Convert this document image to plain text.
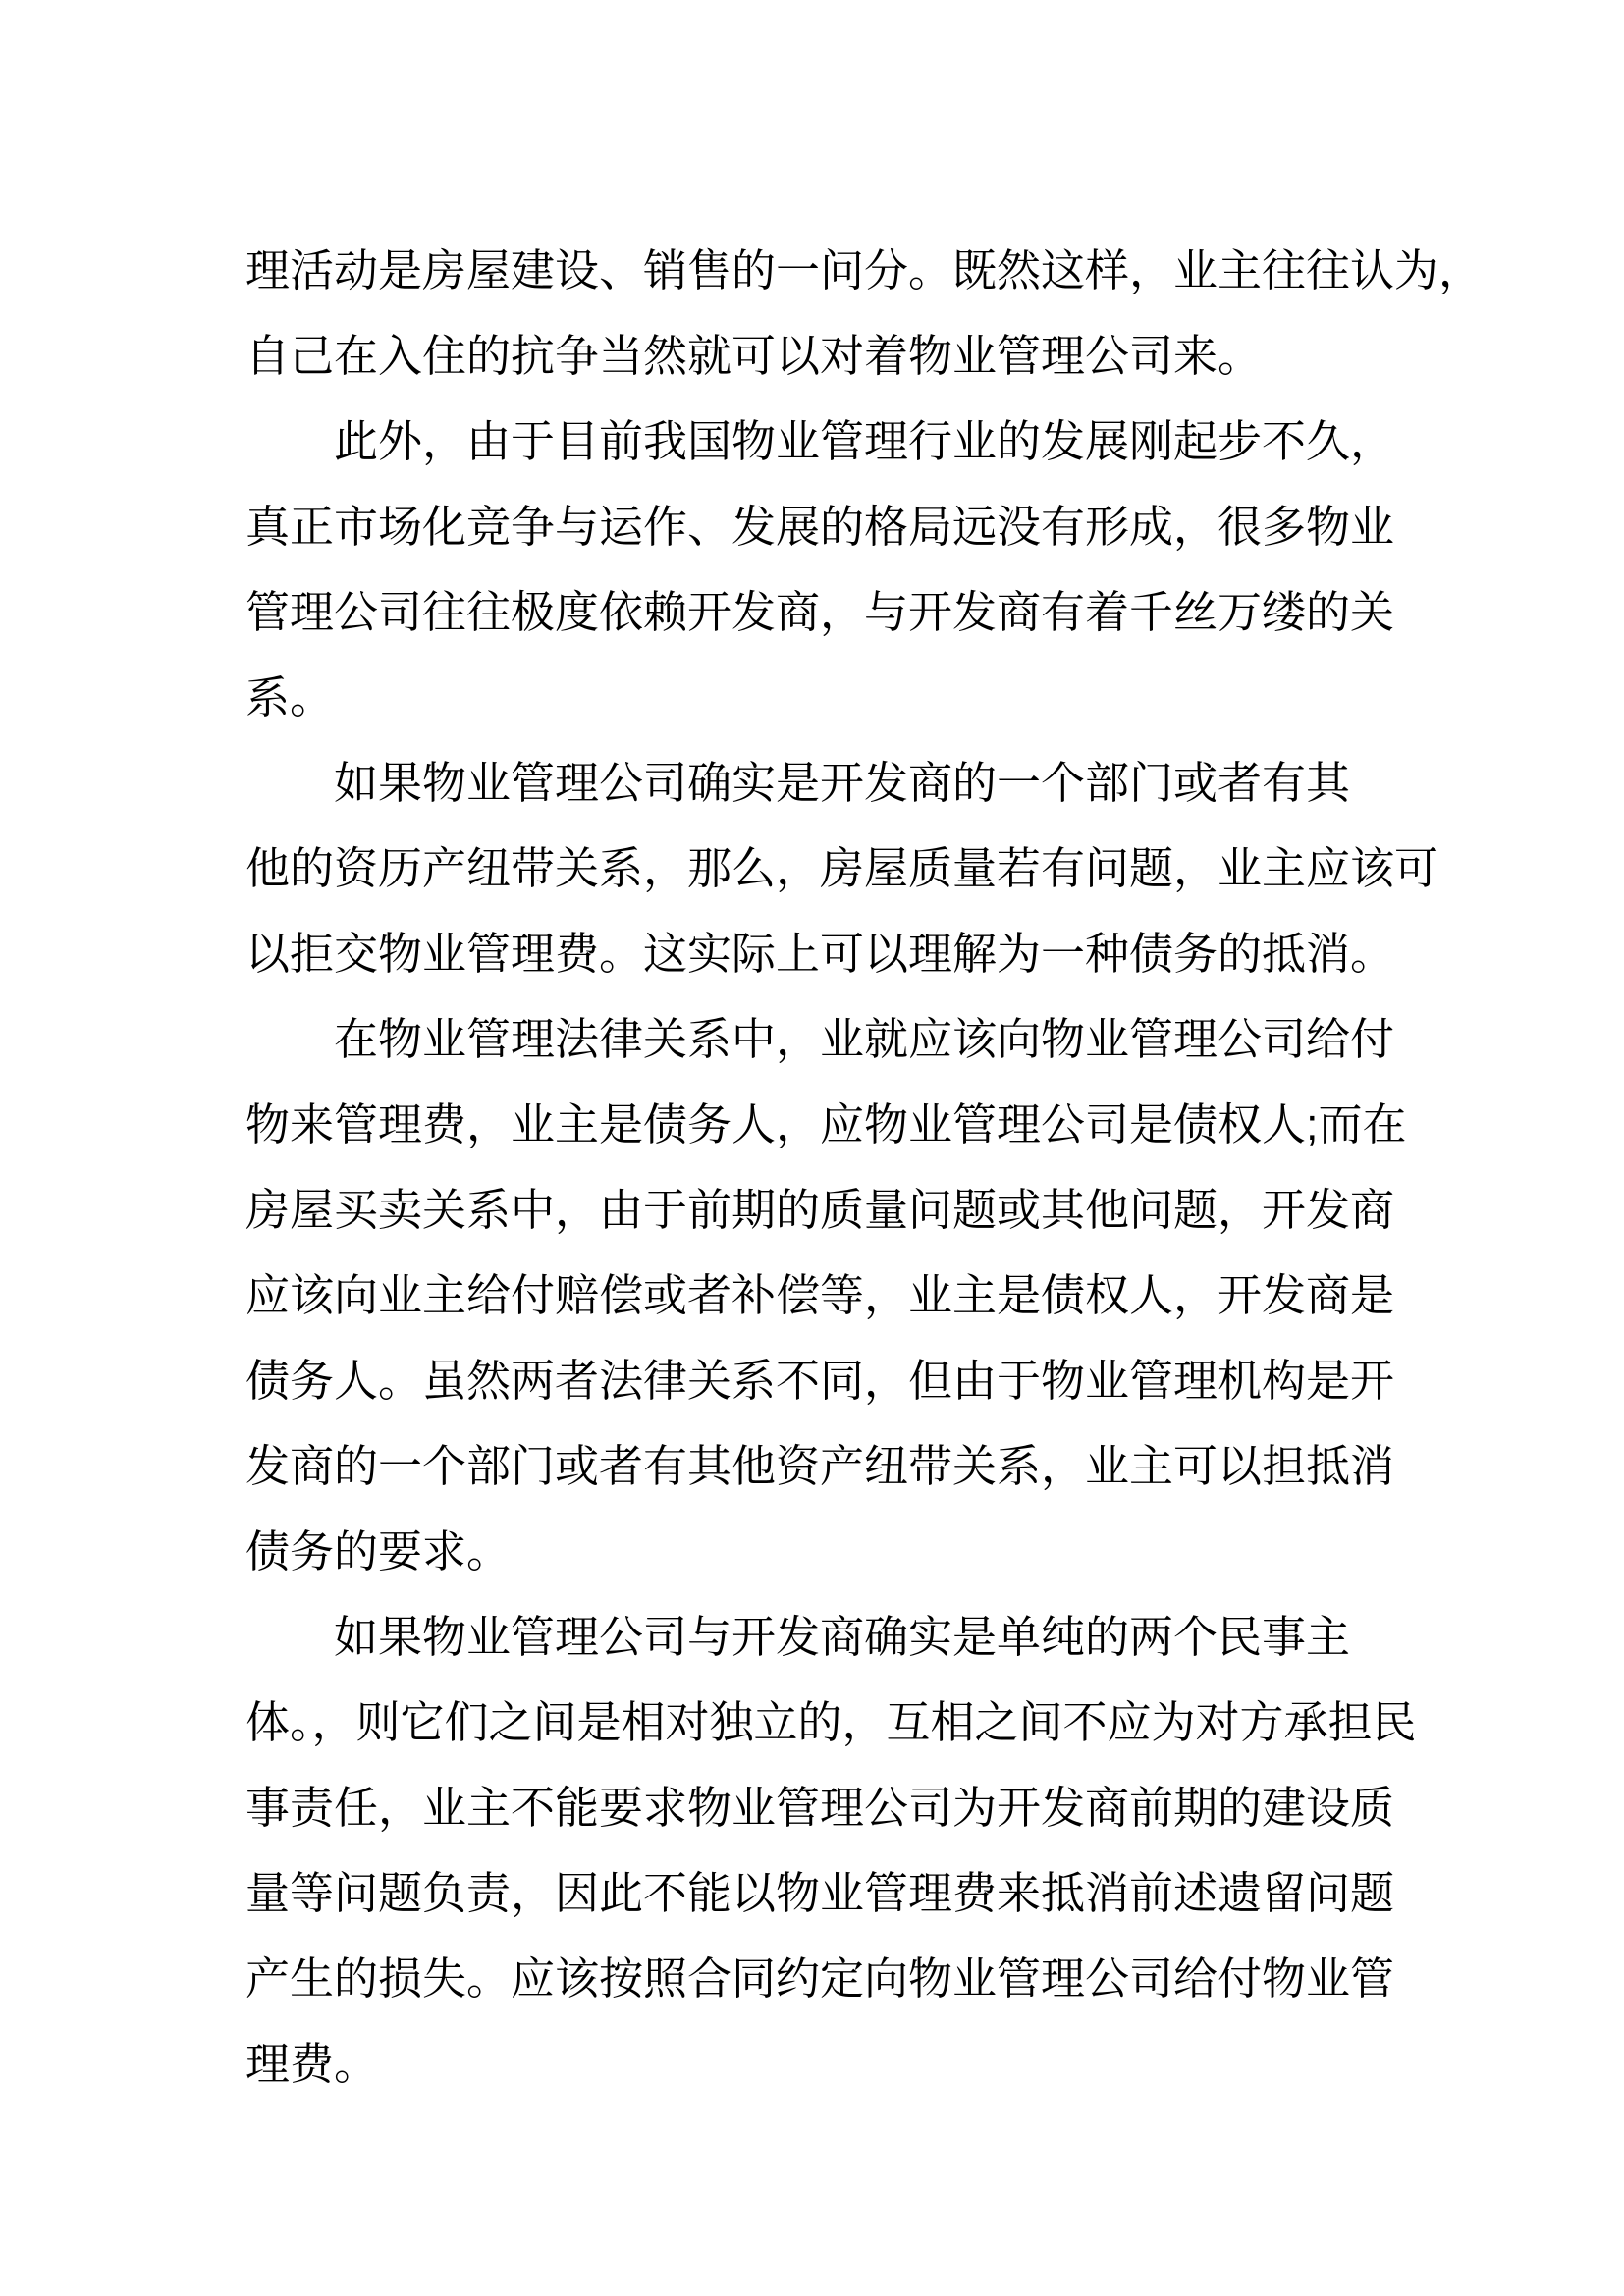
理活动是房屋建设、销售的一问分。既然这样，业主往往认为，
自己在入住的抗争当然就可以对着物业管理公司来。
此外，由于目前我国物业管理行业的发展刚起步不久，
真正市场化竞争与运作、发展的格局远没有形成，很多物业
管理公司往往极度依赖开发商，与开发商有着千丝万缕的关
系。
如果物业管理公司确实是开发商的一个部门或者有其
他的资历产纽带关系，那么，房屋质量若有问题，业主应该可
以拒交物业管理费。这实际上可以理解为一种债务的抵消。
在物业管理法律关系中，业就应该向物业管理公司给付
物来管理费，业主是债务人，应物业管理公司是债权人;而在
房屋买卖关系中，由于前期的质量问题或其他问题，开发商
应该向业主给付赔偿或者补偿等，业主是债权人，开发商是
债务人。虽然两者法律关系不同，但由于物业管理机构是开
发商的一个部门或者有其他资产纽带关系，业主可以担抵消
债务的要求。
如果物业管理公司与开发商确实是单纯的两个民事主
体。，则它们之间是相对独立的，互相之间不应为对方承担民
事责任，业主不能要求物业管理公司为开发商前期的建设质
量等问题负责，因此不能以物业管理费来抵消前述遗留问题
产生的损失。应该按照合同约定向物业管理公司给付物业管
理费。
